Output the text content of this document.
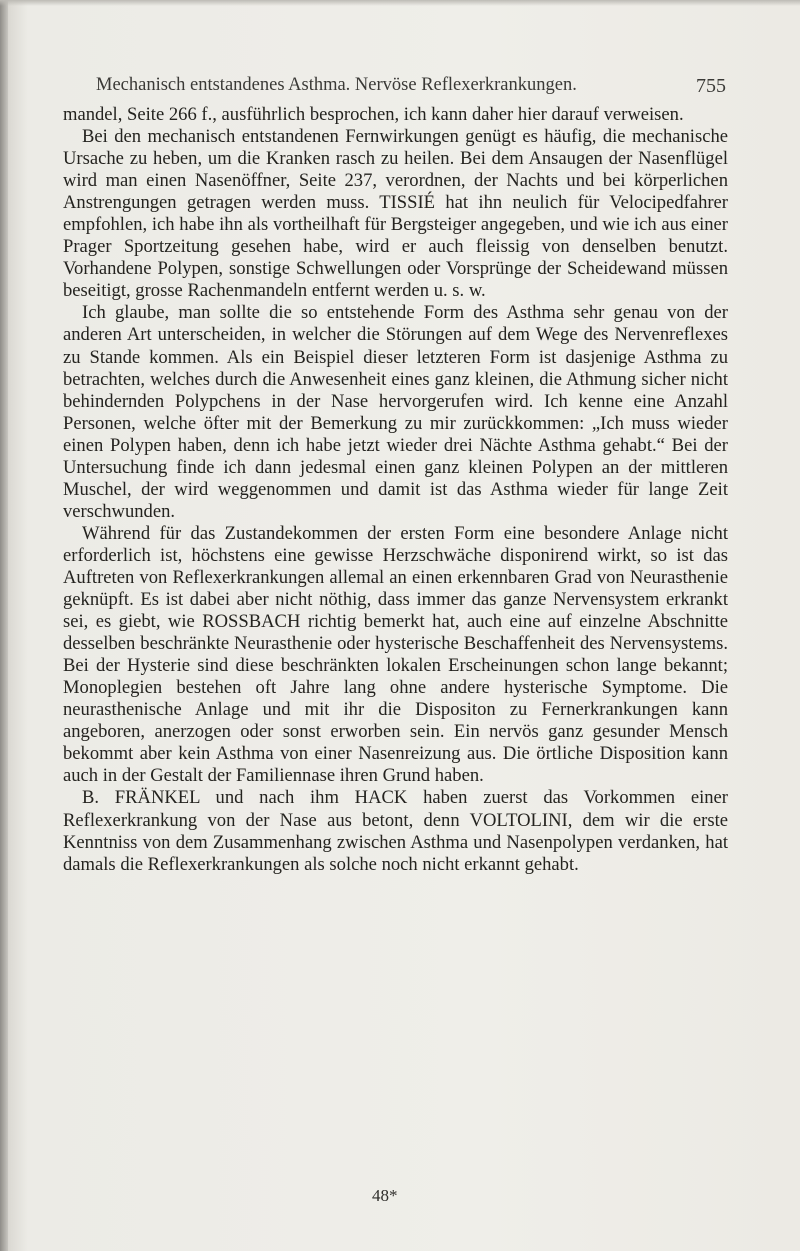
Mechanisch entstandenes Asthma. Nervöse Reflexerkrankungen.	755

mandel, Seite 266 f., ausführlich besprochen, ich kann daher hier darauf verweisen.

Bei den mechanisch entstandenen Fernwirkungen genügt es häufig, die mechanische Ursache zu heben, um die Kranken rasch zu heilen. Bei dem Ansaugen der Nasenflügel wird man einen Nasenöffner, Seite 237, verordnen, der Nachts und bei körperlichen Anstrengungen getragen werden muss. TISSIÉ hat ihn neulich für Velocipedfahrer empfohlen, ich habe ihn als vortheilhaft für Bergsteiger angegeben, und wie ich aus einer Prager Sportzeitung gesehen habe, wird er auch fleissig von denselben benutzt. Vorhandene Polypen, sonstige Schwellungen oder Vorsprünge der Scheidewand müssen beseitigt, grosse Rachenmandeln entfernt werden u. s. w.

Ich glaube, man sollte die so entstehende Form des Asthma sehr genau von der anderen Art unterscheiden, in welcher die Störungen auf dem Wege des Nervenreflexes zu Stande kommen. Als ein Beispiel dieser letzteren Form ist dasjenige Asthma zu betrachten, welches durch die Anwesenheit eines ganz kleinen, die Athmung sicher nicht behindernden Polypchens in der Nase hervorgerufen wird. Ich kenne eine Anzahl Personen, welche öfter mit der Bemerkung zu mir zurückkommen: „Ich muss wieder einen Polypen haben, denn ich habe jetzt wieder drei Nächte Asthma gehabt.“ Bei der Untersuchung finde ich dann jedesmal einen ganz kleinen Polypen an der mittleren Muschel, der wird weggenommen und damit ist das Asthma wieder für lange Zeit verschwunden.

Während für das Zustandekommen der ersten Form eine besondere Anlage nicht erforderlich ist, höchstens eine gewisse Herzschwäche disponirend wirkt, so ist das Auftreten von Reflexerkrankungen allemal an einen erkennbaren Grad von Neurasthenie geknüpft. Es ist dabei aber nicht nöthig, dass immer das ganze Nervensystem erkrankt sei, es giebt, wie ROSSBACH richtig bemerkt hat, auch eine auf einzelne Abschnitte desselben beschränkte Neurasthenie oder hysterische Beschaffenheit des Nervensystems. Bei der Hysterie sind diese beschränkten lokalen Erscheinungen schon lange bekannt; Monoplegien bestehen oft Jahre lang ohne andere hysterische Symptome. Die neurasthenische Anlage und mit ihr die Dispositon zu Fernerkrankungen kann angeboren, anerzogen oder sonst erworben sein. Ein nervös ganz gesunder Mensch bekommt aber kein Asthma von einer Nasenreizung aus. Die örtliche Disposition kann auch in der Gestalt der Familiennase ihren Grund haben.

B. FRÄNKEL und nach ihm HACK haben zuerst das Vorkommen einer Reflexerkrankung von der Nase aus betont, denn VOLTOLINI, dem wir die erste Kenntniss von dem Zusammenhang zwischen Asthma und Nasenpolypen verdanken, hat damals die Reflexerkrankungen als solche noch nicht erkannt gehabt.

48*
